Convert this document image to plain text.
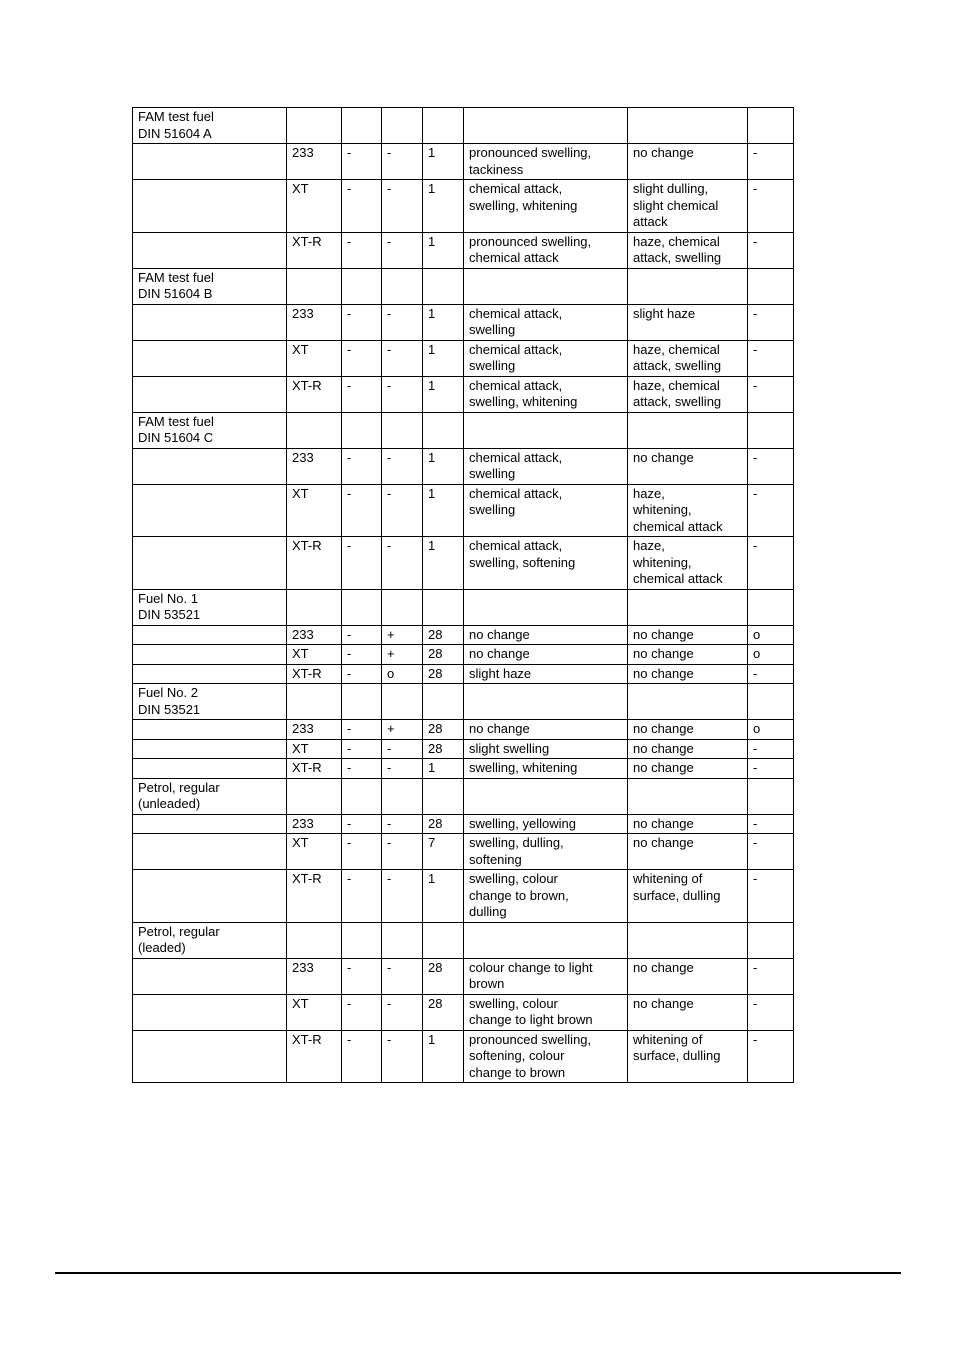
FAM test fuel
DIN 51604 A							
	233	-	-	1	pronounced swelling,
tackiness	no change	-
	XT	-	-	1	chemical attack,
swelling, whitening	slight dulling,
slight chemical
attack	-
	XT-R	-	-	1	pronounced swelling,
chemical attack	haze, chemical
attack, swelling	-
FAM test fuel
DIN 51604 B							
	233	-	-	1	chemical attack,
swelling	slight haze	-
	XT	-	-	1	chemical attack,
swelling	haze, chemical
attack, swelling	-
	XT-R	-	-	1	chemical attack,
swelling, whitening	haze, chemical
attack, swelling	-
FAM test fuel
DIN 51604 C							
	233	-	-	1	chemical attack,
swelling	no change	-
	XT	-	-	1	chemical attack,
swelling	haze,
whitening,
chemical attack	-
	XT-R	-	-	1	chemical attack,
swelling, softening	haze,
whitening,
chemical attack	-
Fuel No. 1
DIN 53521							
	233	-	+	28	no change	no change	o
	XT	-	+	28	no change	no change	o
	XT-R	-	o	28	slight haze	no change	-
Fuel No. 2
DIN 53521							
	233	-	+	28	no change	no change	o
	XT	-	-	28	slight swelling	no change	-
	XT-R	-	-	1	swelling, whitening	no change	-
Petrol, regular
(unleaded)							
	233	-	-	28	swelling, yellowing	no change	-
	XT	-	-	7	swelling, dulling,
softening	no change	-
	XT-R	-	-	1	swelling, colour
change to brown,
dulling	whitening of
surface, dulling	-
Petrol, regular
(leaded)							
	233	-	-	28	colour change to light
brown	no change	-
	XT	-	-	28	swelling, colour
change to light brown	no change	-
	XT-R	-	-	1	pronounced swelling,
softening, colour
change to brown	whitening of
surface, dulling	-
